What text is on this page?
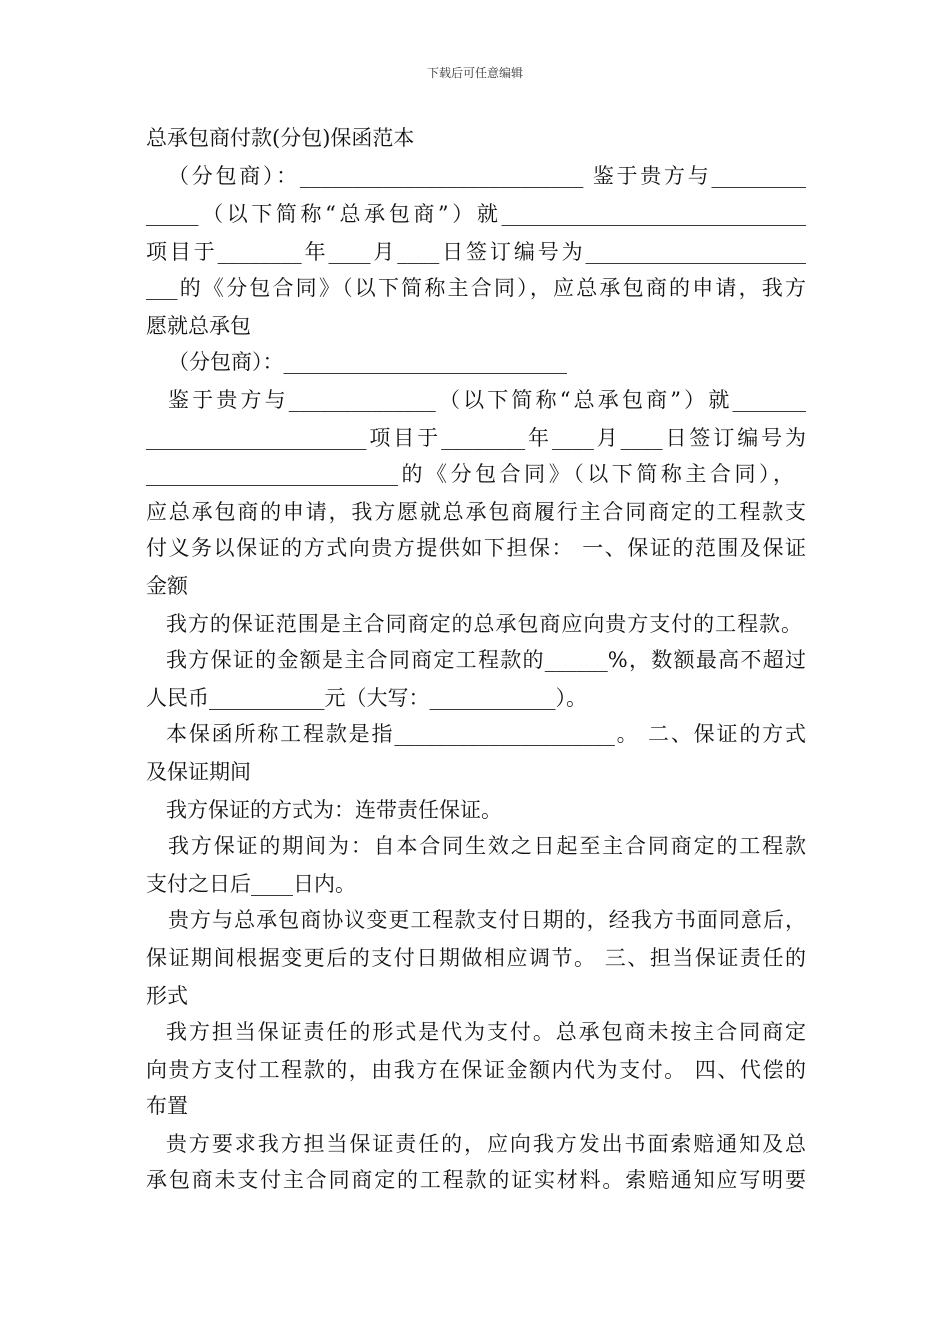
下载后可任意编辑
总承包商付款(分包)保函范本
（分包商）：___________________________ 鉴于贵方与_________
_____（以下简称“总承包商”）就_____________________________
项目于________年____月____日签订编号为_____________________
___的《分包合同》（以下简称主合同），应总承包商的申请，我方
愿就总承包
（分包商）：___________________________
鉴于贵方与______________（以下简称“总承包商”）就_______
_____________________项目于________年____月____日签订编号为
________________________的《分包合同》（以下简称主合同），
应总承包商的申请，我方愿就总承包商履行主合同商定的工程款支
付义务以保证的方式向贵方提供如下担保： 一、保证的范围及保证
金额
我方的保证范围是主合同商定的总承包商应向贵方支付的工程款。
我方保证的金额是主合同商定工程款的______%，数额最高不超过
人民币___________元（大写：____________）。
本保函所称工程款是指_____________________。 二、保证的方式
及保证期间
我方保证的方式为：连带责任保证。
我方保证的期间为：自本合同生效之日起至主合同商定的工程款
支付之日后____日内。
贵方与总承包商协议变更工程款支付日期的，经我方书面同意后，
保证期间根据变更后的支付日期做相应调节。 三、担当保证责任的
形式
我方担当保证责任的形式是代为支付。总承包商未按主合同商定
向贵方支付工程款的，由我方在保证金额内代为支付。 四、代偿的
布置
贵方要求我方担当保证责任的，应向我方发出书面索赔通知及总
承包商未支付主合同商定的工程款的证实材料。索赔通知应写明要
